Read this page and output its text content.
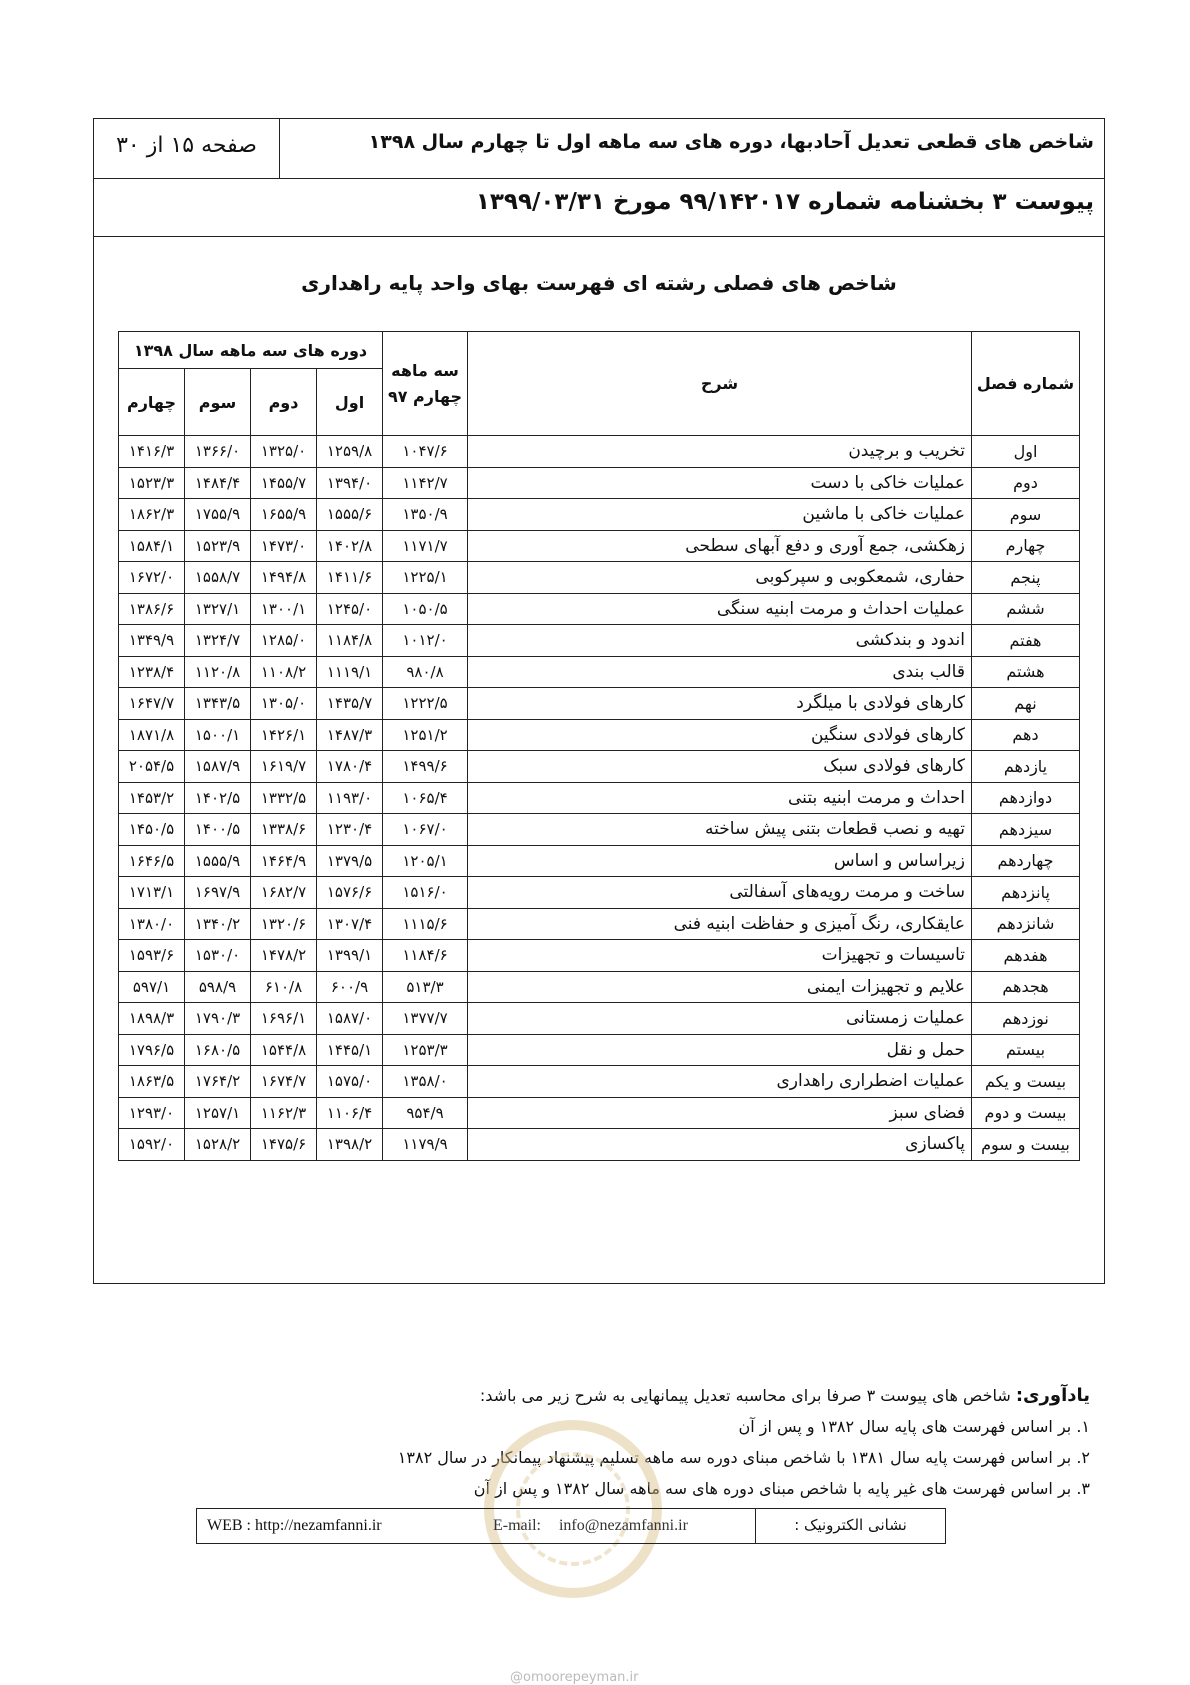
شاخص های قطعی تعدیل آحادبها، دوره های سه ماهه اول تا چهارم سال ۱۳۹۸
صفحه ۱۵ از ۳۰
پیوست ۳ بخشنامه شماره ۹۹/۱۴۲۰۱۷ مورخ ۱۳۹۹/۰۳/۳۱
شاخص های فصلی رشته ای فهرست بهای واحد پایه راهداری
شماره فصل	شرح	سه ماهه چهارم ۹۷	دوره های سه ماهه سال ۱۳۹۸			
			اول	دوم	سوم	چهارم
اول	تخریب و برچیدن	۱۰۴۷/۶	۱۲۵۹/۸	۱۳۲۵/۰	۱۳۶۶/۰	۱۴۱۶/۳
دوم	عملیات خاکی با دست	۱۱۴۲/۷	۱۳۹۴/۰	۱۴۵۵/۷	۱۴۸۴/۴	۱۵۲۳/۳
سوم	عملیات خاکی با ماشین	۱۳۵۰/۹	۱۵۵۵/۶	۱۶۵۵/۹	۱۷۵۵/۹	۱۸۶۲/۳
چهارم	زهکشی، جمع آوری و دفع آبهای سطحی	۱۱۷۱/۷	۱۴۰۲/۸	۱۴۷۳/۰	۱۵۲۳/۹	۱۵۸۴/۱
پنجم	حفاری، شمعکوبی و سپرکوبی	۱۲۲۵/۱	۱۴۱۱/۶	۱۴۹۴/۸	۱۵۵۸/۷	۱۶۷۲/۰
ششم	عملیات احداث و مرمت ابنیه سنگی	۱۰۵۰/۵	۱۲۴۵/۰	۱۳۰۰/۱	۱۳۲۷/۱	۱۳۸۶/۶
هفتم	اندود و بندکشی	۱۰۱۲/۰	۱۱۸۴/۸	۱۲۸۵/۰	۱۳۲۴/۷	۱۳۴۹/۹
هشتم	قالب بندی	۹۸۰/۸	۱۱۱۹/۱	۱۱۰۸/۲	۱۱۲۰/۸	۱۲۳۸/۴
نهم	کارهای فولادی با میلگرد	۱۲۲۲/۵	۱۴۳۵/۷	۱۳۰۵/۰	۱۳۴۳/۵	۱۶۴۷/۷
دهم	کارهای فولادی سنگین	۱۲۵۱/۲	۱۴۸۷/۳	۱۴۲۶/۱	۱۵۰۰/۱	۱۸۷۱/۸
یازدهم	کارهای فولادی سبک	۱۴۹۹/۶	۱۷۸۰/۴	۱۶۱۹/۷	۱۵۸۷/۹	۲۰۵۴/۵
دوازدهم	احداث و مرمت ابنیه بتنی	۱۰۶۵/۴	۱۱۹۳/۰	۱۳۳۲/۵	۱۴۰۲/۵	۱۴۵۳/۲
سیزدهم	تهیه و نصب قطعات بتنی پیش ساخته	۱۰۶۷/۰	۱۲۳۰/۴	۱۳۳۸/۶	۱۴۰۰/۵	۱۴۵۰/۵
چهاردهم	زیراساس و اساس	۱۲۰۵/۱	۱۳۷۹/۵	۱۴۶۴/۹	۱۵۵۵/۹	۱۶۴۶/۵
پانزدهم	ساخت و مرمت رویه‌های آسفالتی	۱۵۱۶/۰	۱۵۷۶/۶	۱۶۸۲/۷	۱۶۹۷/۹	۱۷۱۳/۱
شانزدهم	عایقکاری، رنگ آمیزی و حفاظت ابنیه فنی	۱۱۱۵/۶	۱۳۰۷/۴	۱۳۲۰/۶	۱۳۴۰/۲	۱۳۸۰/۰
هفدهم	تاسیسات و تجهیزات	۱۱۸۴/۶	۱۳۹۹/۱	۱۴۷۸/۲	۱۵۳۰/۰	۱۵۹۳/۶
هجدهم	علایم و تجهیزات ایمنی	۵۱۳/۳	۶۰۰/۹	۶۱۰/۸	۵۹۸/۹	۵۹۷/۱
نوزدهم	عملیات زمستانی	۱۳۷۷/۷	۱۵۸۷/۰	۱۶۹۶/۱	۱۷۹۰/۳	۱۸۹۸/۳
بیستم	حمل و نقل	۱۲۵۳/۳	۱۴۴۵/۱	۱۵۴۴/۸	۱۶۸۰/۵	۱۷۹۶/۵
بیست و یکم	عملیات اضطراری راهداری	۱۳۵۸/۰	۱۵۷۵/۰	۱۶۷۴/۷	۱۷۶۴/۲	۱۸۶۳/۵
بیست و دوم	فضای سبز	۹۵۴/۹	۱۱۰۶/۴	۱۱۶۲/۳	۱۲۵۷/۱	۱۲۹۳/۰
بیست و سوم	پاکسازی	۱۱۷۹/۹	۱۳۹۸/۲	۱۴۷۵/۶	۱۵۲۸/۲	۱۵۹۲/۰
یادآوری: شاخص های پیوست ۳ صرفا برای محاسبه تعدیل پیمانهایی به شرح زیر می باشد:
۱. بر اساس فهرست های پایه سال ۱۳۸۲ و پس از آن
۲. بر اساس فهرست پایه سال ۱۳۸۱ با شاخص مبنای دوره سه ماهه تسلیم پیشنهاد پیمانکار در سال ۱۳۸۲
۳. بر اساس فهرست های غیر پایه با شاخص مبنای دوره های سه ماهه سال ۱۳۸۲ و پس از آن
@omoorepeyman.ir
نشانی الکترونیک :
E-mail: info@nezamfanni.ir
WEB : http://nezamfanni.ir
